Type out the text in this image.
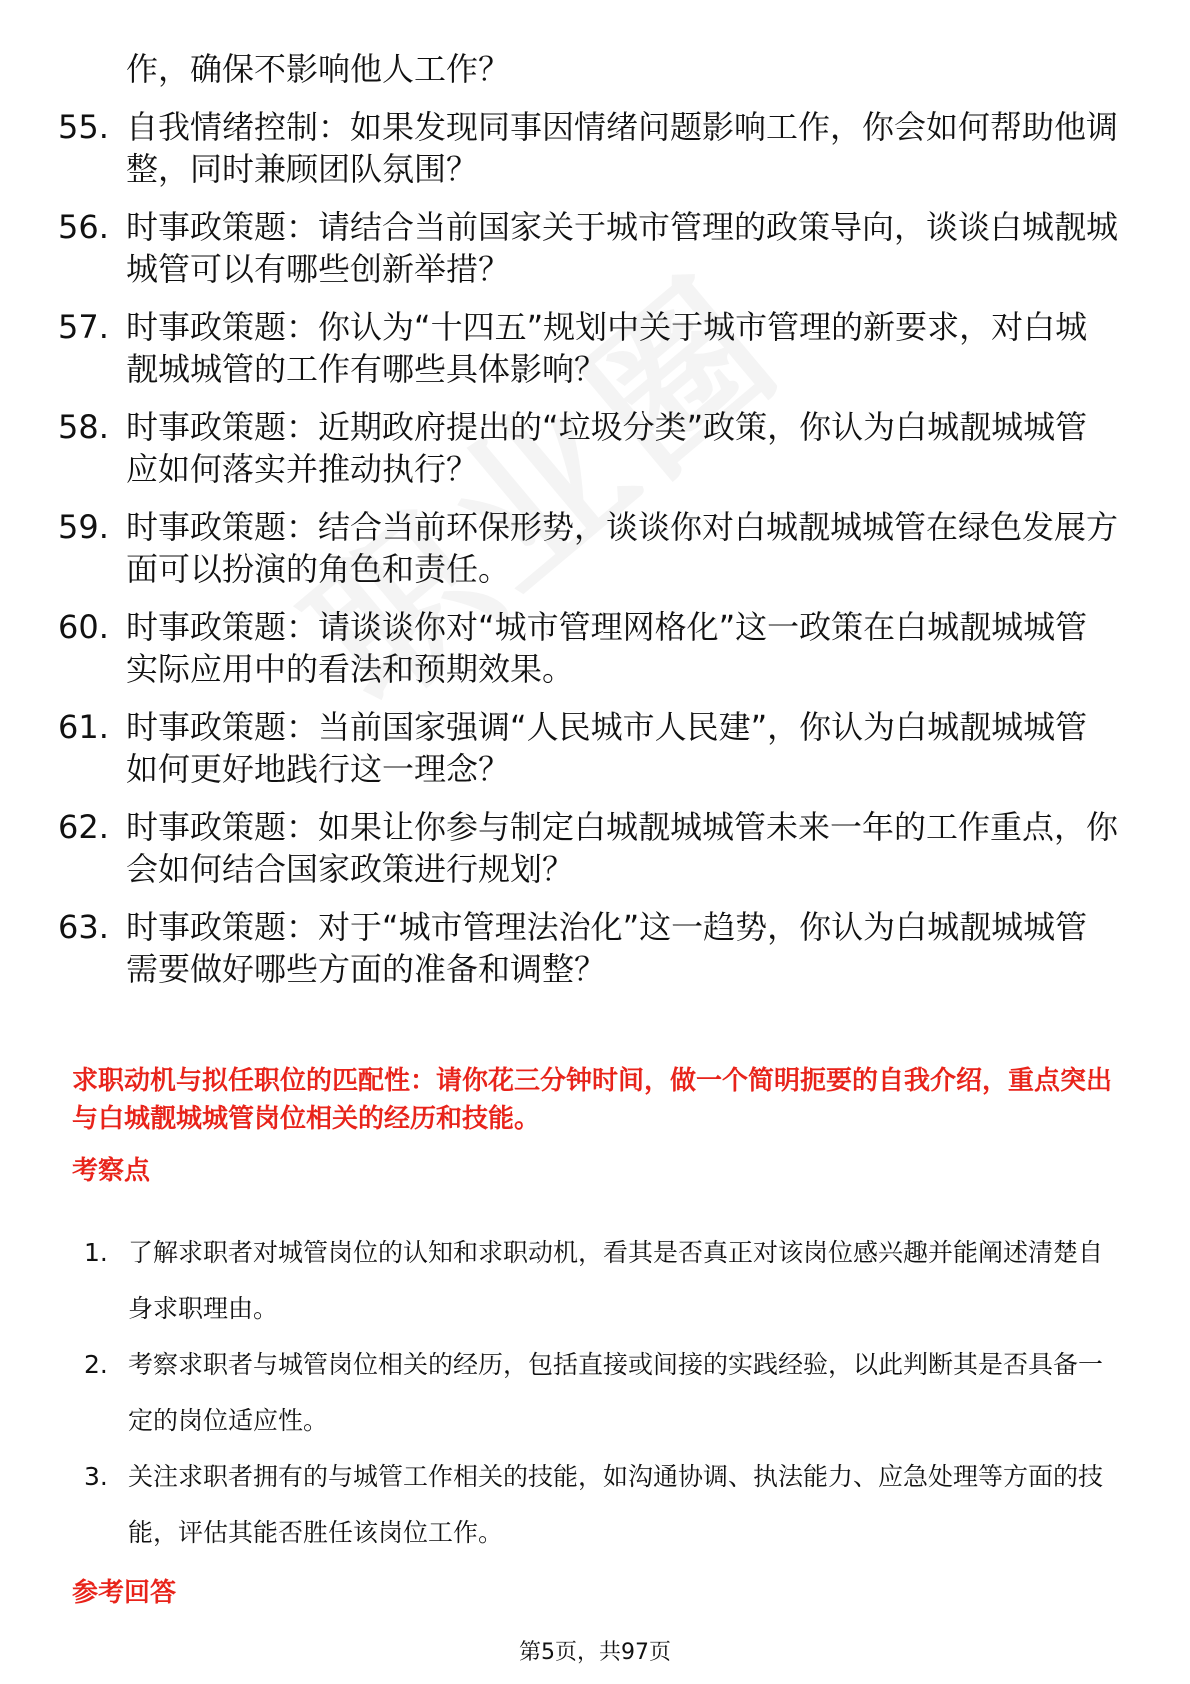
作，确保不影响他人工作？
55. 自我情绪控制：如果发现同事因情绪问题影响工作，你会如何帮助他调整，同时兼顾团队氛围？
56. 时事政策题：请结合当前国家关于城市管理的政策导向，谈谈白城靓城城管可以有哪些创新举措？
57. 时事政策题：你认为“十四五”规划中关于城市管理的新要求，对白城靓城城管的工作有哪些具体影响？
58. 时事政策题：近期政府提出的“垃圾分类”政策，你认为白城靓城城管应如何落实并推动执行？
59. 时事政策题：结合当前环保形势，谈谈你对白城靓城城管在绿色发展方面可以扮演的角色和责任。
60. 时事政策题：请谈谈你对“城市管理网格化”这一政策在白城靓城城管实际应用中的看法和预期效果。
61. 时事政策题：当前国家强调“人民城市人民建”，你认为白城靓城城管如何更好地践行这一理念？
62. 时事政策题：如果让你参与制定白城靓城城管未来一年的工作重点，你会如何结合国家政策进行规划？
63. 时事政策题：对于“城市管理法治化”这一趋势，你认为白城靓城城管需要做好哪些方面的准备和调整？
求职动机与拟任职位的匹配性：请你花三分钟时间，做一个简明扼要的自我介绍，重点突出与白城靓城城管岗位相关的经历和技能。
考察点
1. 了解求职者对城管岗位的认知和求职动机，看其是否真正对该岗位感兴趣并能阐述清楚自身求职理由。
2. 考察求职者与城管岗位相关的经历，包括直接或间接的实践经验，以此判断其是否具备一定的岗位适应性。
3. 关注求职者拥有的与城管工作相关的技能，如沟通协调、执法能力、应急处理等方面的技能，评估其能否胜任该岗位工作。
参考回答
第5页，共97页
